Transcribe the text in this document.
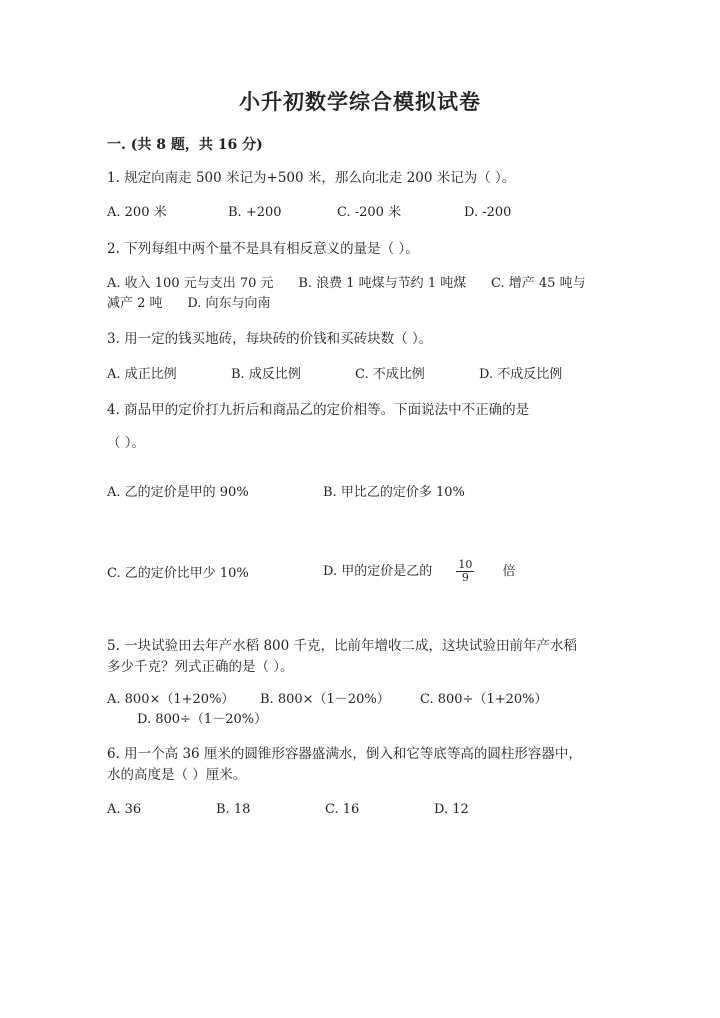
小升初数学综合模拟试卷
一. (共 8 题，共 16 分)
1. 规定向南走 500 米记为+500 米，那么向北走 200 米记为（ ）。
A. 200 米	B. +200	C. -200 米	D. -200
2. 下列每组中两个量不是具有相反意义的量是（ ）。
A. 收入 100 元与支出 70 元      B. 浪费 1 吨煤与节约 1 吨煤      C. 增产 45 吨与
减产 2 吨      D. 向东与向南
3. 用一定的钱买地砖，每块砖的价钱和买砖块数（ ）。
A. 成正比例	B. 成反比例	C. 不成比例	D. 不成反比例
4. 商品甲的定价打九折后和商品乙的定价相等。下面说法中不正确的是
（ ）。
A. 乙的定价是甲的 90%	B. 甲比乙的定价多 10%
C. 乙的定价比甲少 10%	D. 甲的定价是乙的 $\frac{10}{9}$ 倍
5. 一块试验田去年产水稻 800 千克，比前年增收二成，这块试验田前年产水稻
多少千克？列式正确的是（ ）。
A. 800×（1+20%） B. 800×（1－20%） C. 800÷（1+20%）
D. 800÷（1－20%）
6. 用一个高 36 厘米的圆锥形容器盛满水，倒入和它等底等高的圆柱形容器中，
水的高度是（ ）厘米。
A. 36	B. 18	C. 16	D. 12
